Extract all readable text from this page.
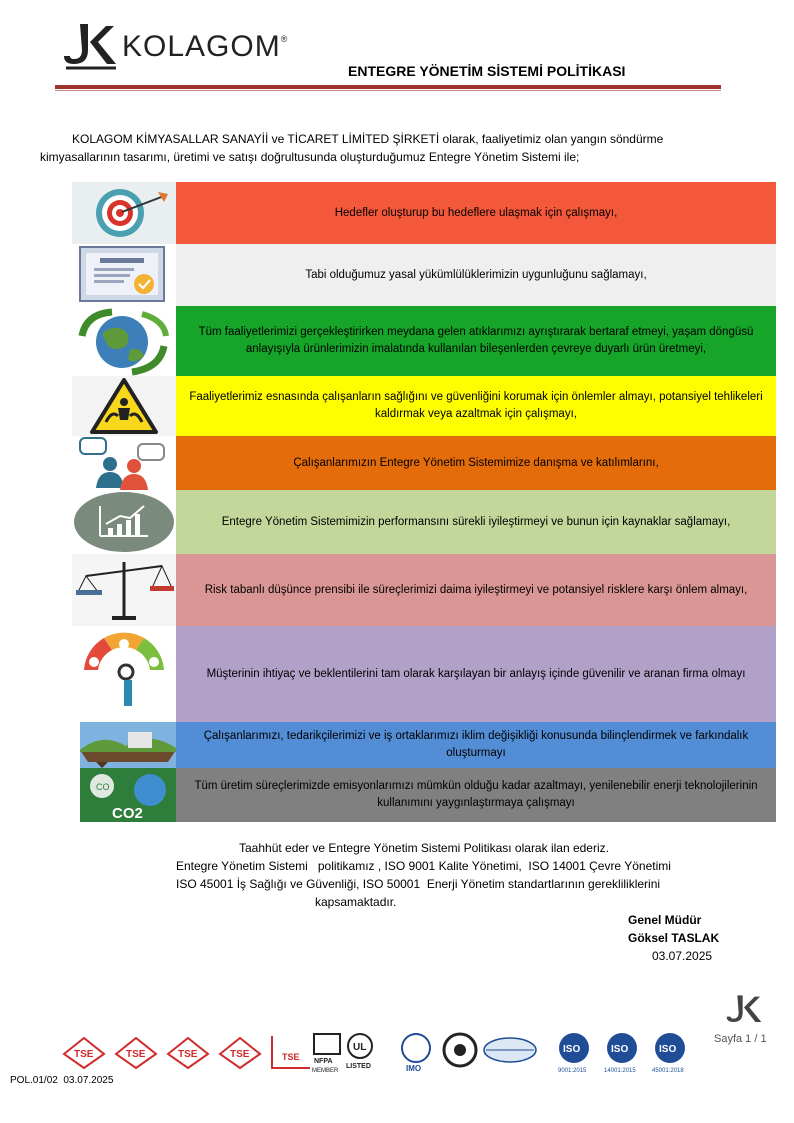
KOLAGOM®
ENTEGRE YÖNETİM SİSTEMİ POLİTİKASI

KOLAGOM KİMYASALLAR SANAYİİ ve TİCARET LİMİTED ŞİRKETİ olarak, faaliyetimiz olan yangın söndürme

kimyasallarının tasarımı, üretimi ve satışı doğrultusunda oluşturduğumuz Entegre Yönetim Sistemi ile;

Hedefler oluşturup bu hedeflere ulaşmak için çalışmayı,
Tabi olduğumuz yasal yükümlülüklerimizin uygunluğunu sağlamayı,
Tüm faaliyetlerimizi gerçekleştirirken meydana gelen atıklarımızı ayrıştırarak bertaraf etmeyi, yaşam döngüsü anlayışıyla ürünlerimizin imalatında kullanılan bileşenlerden çevreye duyarlı ürün üretmeyi,
Faaliyetlerimiz esnasında çalışanların sağlığını ve güvenliğini korumak için önlemler almayı, potansiyel tehlikeleri kaldırmak veya azaltmak için çalışmayı,
Çalışanlarımızın Entegre Yönetim Sistemimize danışma ve katılımlarını,
Entegre Yönetim Sistemimizin performansını sürekli iyileştirmeyi ve bunun için kaynaklar sağlamayı,
Risk tabanlı düşünce prensibi ile süreçlerimizi daima iyileştirmeyi ve potansiyel risklere karşı önlem almayı,
Müşterinin ihtiyaç ve beklentilerini tam olarak karşılayan bir anlayış içinde güvenilir ve aranan firma olmayı
Çalışanlarımızı, tedarikçilerimizi ve iş ortaklarımızı iklim değişikliği konusunda bilinçlendirmek ve farkındalık oluşturmayı
CO
CO2
Tüm üretim süreçlerimizde emisyonlarımızı mümkün olduğu kadar azaltmayı, yenilenebilir enerji teknolojilerinin kullanımını yaygınlaştırmaya çalışmayı
Taahhüt eder ve Entegre Yönetim Sistemi Politikası olarak ilan ederiz.
Entegre Yönetim Sistemi   politikamız , ISO 9001 Kalite Yönetimi,  ISO 14001 Çevre Yönetimi
ISO 45001 İş Sağlığı ve Güvenliği, ISO 50001  Enerji Yönetim standartlarının gerekliliklerini
kapsamaktadır.
Genel Müdür
Göksel TASLAK
03.07.2025
Sayfa 1 / 1
TSE	TSE	TSE	TSE	TSE NFPA
MEMBER
UL
LISTED	IMO
ISO
9001:2015
ISO
14001:2015
ISO
45001:2018
POL.01/02  03.07.2025
